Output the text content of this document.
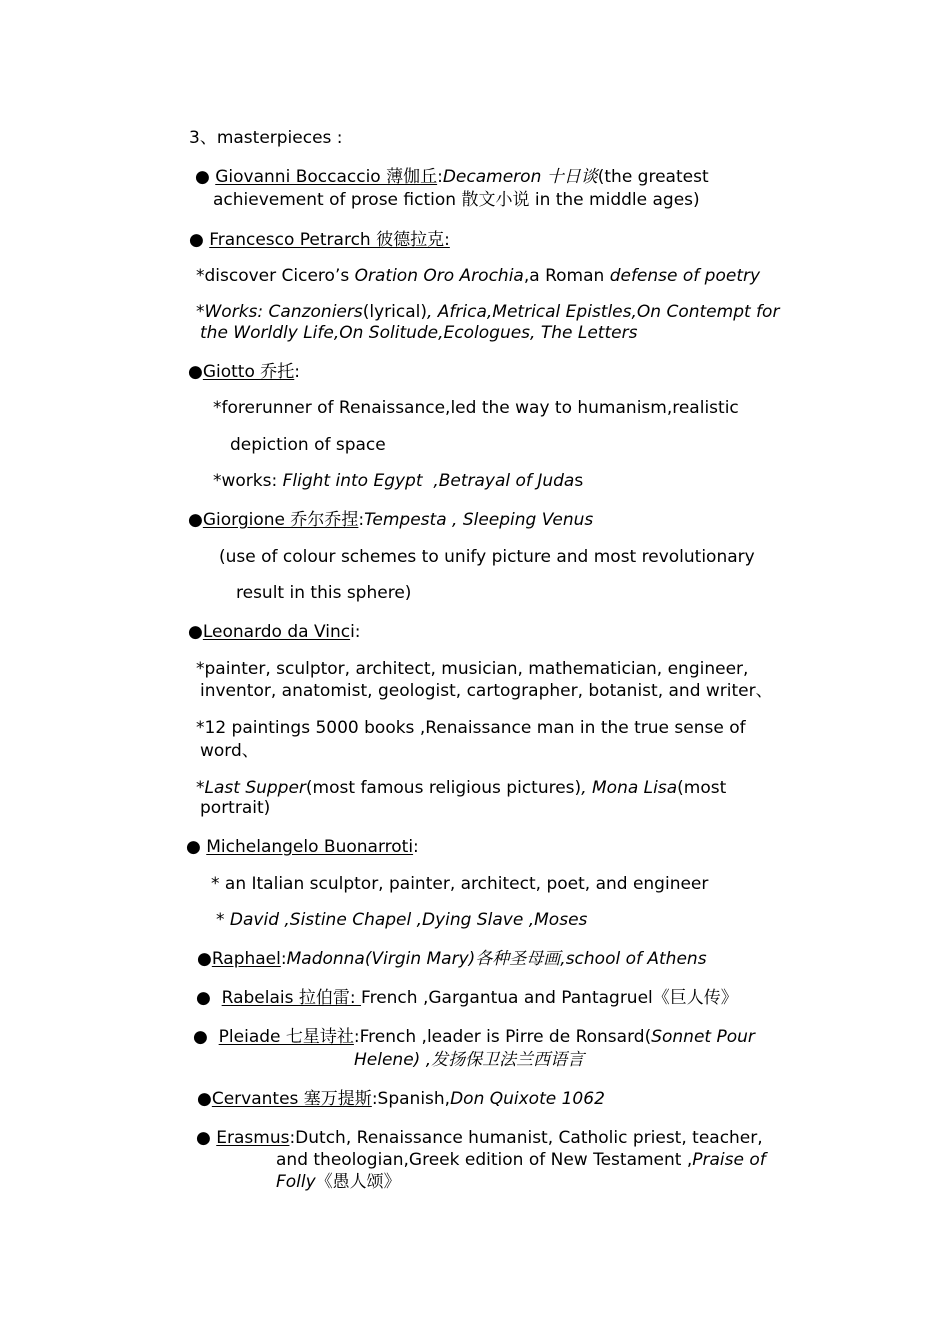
3、masterpieces :
● Giovanni Boccaccio 薄伽丘:Decameron 十日谈(the greatest
achievement of prose fiction 散文小说 in the middle ages)
● Francesco Petrarch 彼德拉克:
*discover Cicero’s Oration Oro Arochia,a Roman defense of poetry
*Works: Canzoniers(lyrical), Africa,Metrical Epistles,On Contempt for
the Worldly Life,On Solitude,Ecologues, The Letters
●Giotto 乔托:
*forerunner of Renaissance,led the way to humanism,realistic
depiction of space
*works: Flight into Egypt  ,Betrayal of Judas
●Giorgione 乔尔乔捏:Tempesta , Sleeping Venus
(use of colour schemes to unify picture and most revolutionary
result in this sphere)
●Leonardo da Vinci:
*painter, sculptor, architect, musician, mathematician, engineer,
inventor, anatomist, geologist, cartographer, botanist, and writer、
*12 paintings 5000 books ,Renaissance man in the true sense of
word、
*Last Supper(most famous religious pictures), Mona Lisa(most
portrait)
● Michelangelo Buonarroti:
* an Italian sculptor, painter, architect, poet, and engineer
* David ,Sistine Chapel ,Dying Slave ,Moses
●Raphael:Madonna(Virgin Mary)各种圣母画,school of Athens
●  Rabelais 拉伯雷: French ,Gargantua and Pantagruel《巨人传》
●  Pleiade 七星诗社:French ,leader is Pirre de Ronsard(Sonnet Pour
Helene) ,发扬保卫法兰西语言
●Cervantes 塞万提斯:Spanish,Don Quixote 1062
● Erasmus:Dutch, Renaissance humanist, Catholic priest, teacher,
and theologian,Greek edition of New Testament ,Praise of
Folly《愚人颂》
